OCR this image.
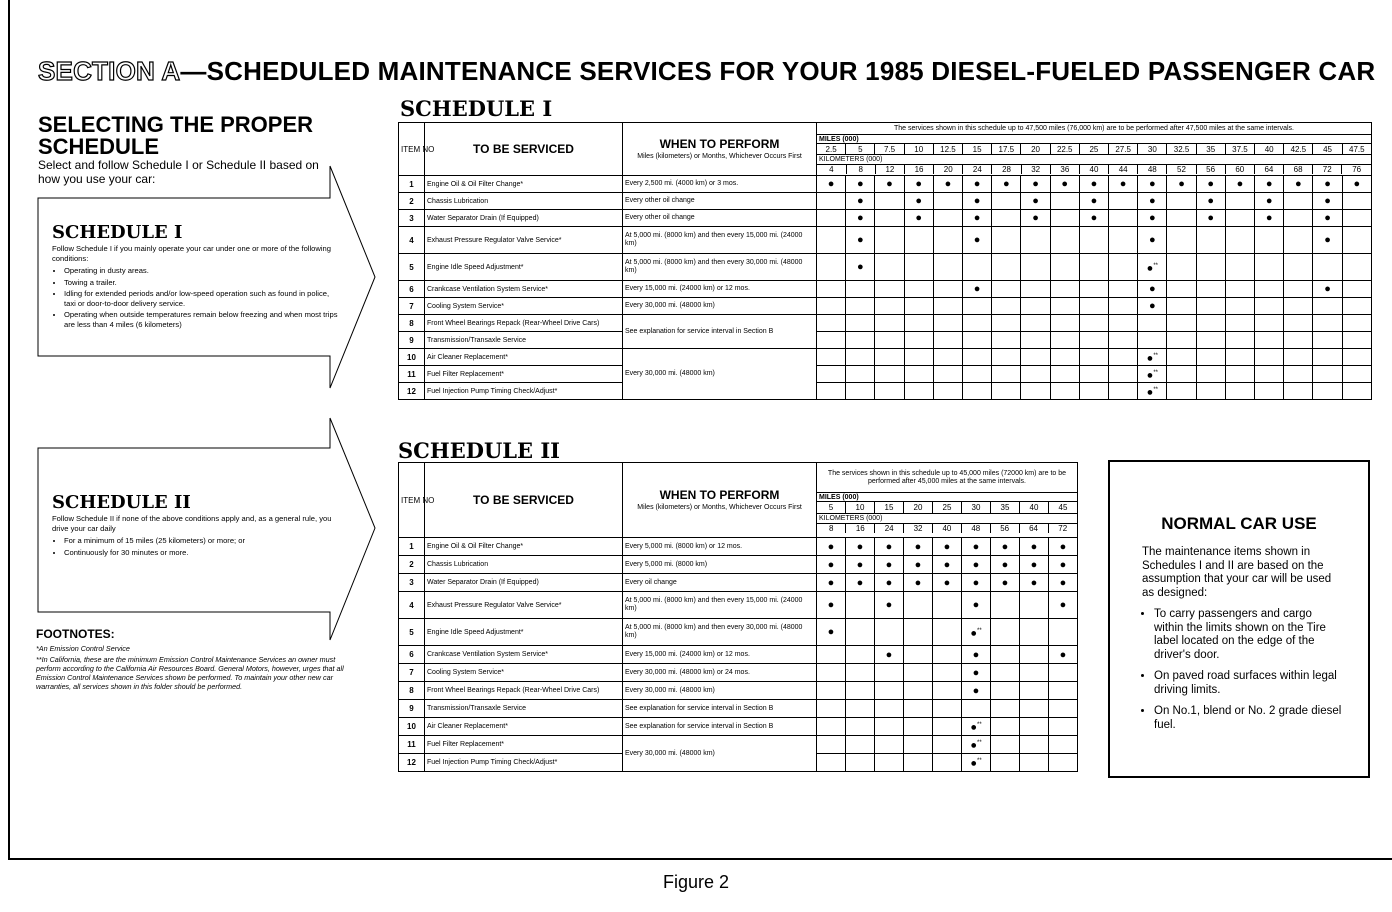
SECTION A—SCHEDULED MAINTENANCE SERVICES FOR YOUR 1985 DIESEL-FUELED PASSENGER CAR
SELECTING THE PROPER SCHEDULE
Select and follow Schedule I or Schedule II based on how you use your car:
SCHEDULE I
Follow Schedule I if you mainly operate your car under one or more of the following conditions:
• Operating in dusty areas.
• Towing a trailer.
• Idling for extended periods and/or low-speed operation such as found in police, taxi or door-to-door delivery service.
• Operating when outside temperatures remain below freezing and when most trips are less than 4 miles (6 kilometers)
SCHEDULE II
Follow Schedule II if none of the above conditions apply and, as a general rule, you drive your car daily
• For a minimum of 15 miles (25 kilometers) or more; or
• Continuously for 30 minutes or more.
FOOTNOTES:

*An Emission Control Service

**In California, these are the minimum Emission Control Maintenance Services an owner must perform according to the California Air Resources Board. General Motors, however, urges that all Emission Control Maintenance Services shown be performed. To maintain your other new car warranties, all services shown in this folder should be performed.

SCHEDULE I
ITEM NO	TO BE SERVICED	WHEN TO PERFORM
Miles (kilometers) or Months, Whichever Occurs First
	The services shown in this schedule up to 47,500 miles (76,000 km) are to be performed after 47,500 miles at the same intervals.
MILES (000)
2.5	5	7.5	10	12.5	15	17.5	20	22.5	25	27.5	30	32.5	35	37.5	40	42.5	45	47.5

KILOMETERS (000)
4	8	12	16	20	24	28	32	36	40	44	48	52	56	60	64	68	72	76

1	Engine Oil & Oil Filter Change*	Every 2,500 mi. (4000 km) or 3 mos.	●	●	●	●	●	●	●	●	●	●	●	●	●	●	●	●	●	●	●
2	Chassis Lubrication	Every other oil change		●		●		●		●		●		●		●		●		●	
3	Water Separator Drain (If Equipped)	Every other oil change		●		●		●		●		●		●		●		●		●	
4	Exhaust Pressure Regulator Valve Service*	At 5,000 mi. (8000 km) and then every 15,000 mi. (24000 km)		●				●						●						●	
5	Engine Idle Speed Adjustment*	At 5,000 mi. (8000 km) and then every 30,000 mi. (48000 km)		●										●**							
6	Crankcase Ventilation System Service*	Every 15,000 mi. (24000 km) or 12 mos.						●						●						●	
7	Cooling System Service*	Every 30,000 mi. (48000 km)												●							
8	Front Wheel Bearings Repack (Rear-Wheel Drive Cars)	See explanation for service interval in Section B																			
9	Transmission/Transaxle Service																			
10	Air Cleaner Replacement*	Every 30,000 mi. (48000 km)												●**							
11	Fuel Filter Replacement*												●**							
12	Fuel Injection Pump Timing Check/Adjust*												●**							
SCHEDULE II
ITEM NO	TO BE SERVICED	WHEN TO PERFORM
Miles (kilometers) or Months, Whichever Occurs First
	The services shown in this schedule up to 45,000 miles (72000 km) are to be performed after 45,000 miles at the same intervals.
MILES (000)
5	10	15	20	25	30	35	40	45

KILOMETERS (000)
8	16	24	32	40	48	56	64	72

1	Engine Oil & Oil Filter Change*	Every 5,000 mi. (8000 km) or 12 mos.	●	●	●	●	●	●	●	●	●
2	Chassis Lubrication	Every 5,000 mi. (8000 km)	●	●	●	●	●	●	●	●	●
3	Water Separator Drain (If Equipped)	Every oil change	●	●	●	●	●	●	●	●	●
4	Exhaust Pressure Regulator Valve Service*	At 5,000 mi. (8000 km) and then every 15,000 mi. (24000 km)	●		●			●			●
5	Engine Idle Speed Adjustment*	At 5,000 mi. (8000 km) and then every 30,000 mi. (48000 km)	●					●**			
6	Crankcase Ventilation System Service*	Every 15,000 mi. (24000 km) or 12 mos.			●			●			●
7	Cooling System Service*	Every 30,000 mi. (48000 km) or 24 mos.						●			
8	Front Wheel Bearings Repack (Rear-Wheel Drive Cars)	Every 30,000 mi. (48000 km)						●			
9	Transmission/Transaxle Service	See explanation for service interval in Section B									
10	Air Cleaner Replacement*	See explanation for service interval in Section B						●**			
11	Fuel Filter Replacement*	Every 30,000 mi. (48000 km)						●**			
12	Fuel Injection Pump Timing Check/Adjust*						●**			
NORMAL CAR USE
The maintenance items shown in Schedules I and II are based on the assumption that your car will be used as designed:
• To carry passengers and cargo within the limits shown on the Tire label located on the edge of the driver's door.
• On paved road surfaces within legal driving limits.
• On No.1, blend or No. 2 grade diesel fuel.
Figure 2
